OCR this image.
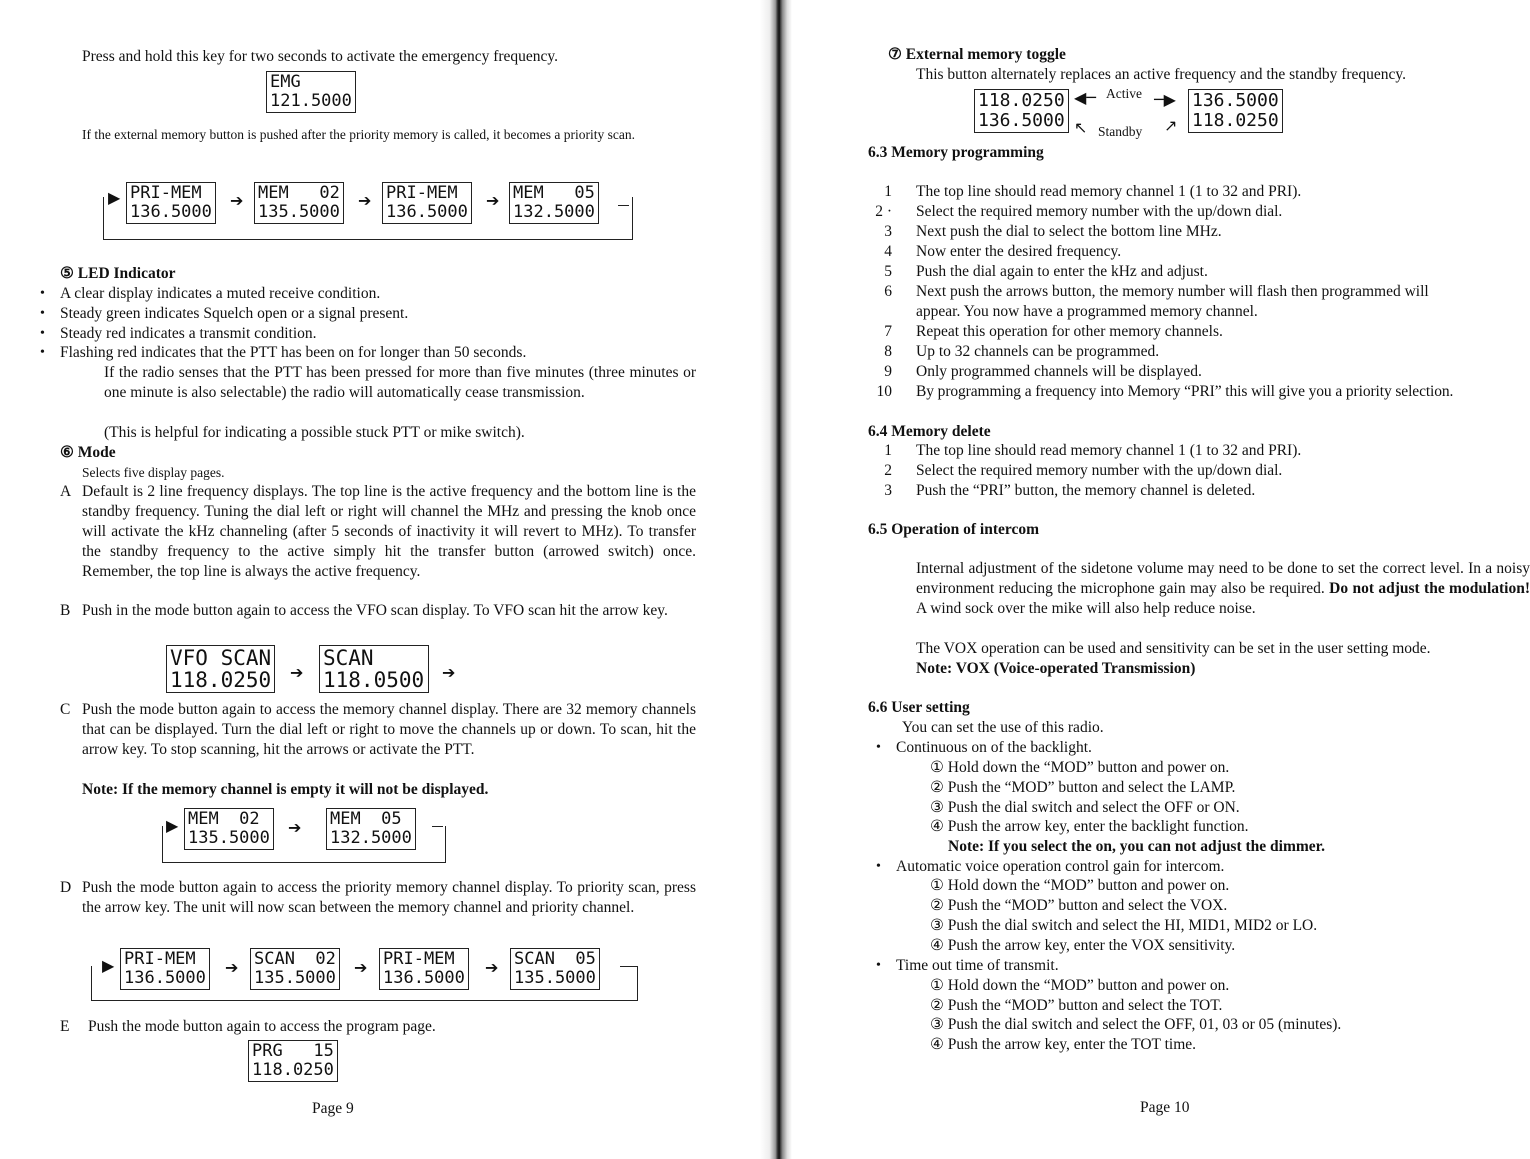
Press and hold this key for two seconds to activate the emergency frequency.
EMG
121.5000
If the external memory button is pushed after the priority memory is called, it becomes a priority scan.
PRI-MEM
136.5000
MEM   02
135.5000
PRI-MEM
136.5000
MEM   05
132.5000
▶	➔	➔	➔
⑤ LED Indicator
• A clear display indicates a muted receive condition.
• Steady green indicates Squelch open or a signal present.
• Steady red indicates a transmit condition.
• Flashing red indicates that the PTT has been on for longer than 50 seconds.
If the radio senses that the PTT has been pressed for more than five minutes (three minutes or one minute is also selectable) the radio will automatically cease transmission.
(This is helpful for indicating a possible stuck PTT or mike switch).
⑥ Mode
Selects five display pages.
A Default is 2 line frequency displays. The top line is the active frequency and the bottom line is the standby frequency. Tuning the dial left or right will channel the MHz and pressing the knob once will activate the kHz channeling (after 5 seconds of inactivity it will revert to MHz). To transfer the standby frequency to the active simply hit the transfer button (arrowed switch) once. Remember, the top line is always the active frequency.
B Push in the mode button again to access the VFO scan display. To VFO scan hit the arrow key.
VFO SCAN
118.0250 ➔
SCAN
118.0500 ➔
C Push the mode button again to access the memory channel display. There are 32 memory channels that can be displayed. Turn the dial left or right to move the channels up or down. To scan, hit the arrow key. To stop scanning, hit the arrows or activate the PTT.
Note: If the memory channel is empty it will not be displayed.
MEM  02
135.5000
➔ MEM  05
132.5000
▶
D Push the mode button again to access the priority memory channel display. To priority scan, press the arrow key. The unit will now scan between the memory channel and priority channel.
PRI-MEM
136.5000
SCAN  02
135.5000
PRI-MEM
136.5000
SCAN  05
135.5000
▶	➔	➔	➔
E Push the mode button again to access the program page.
PRG   15
118.0250
Page 9
⑦ External memory toggle
This button alternately replaces an active frequency and the standby frequency.
118.0250
136.5000
◀─ Active ─▶
↖ Standby ↗
136.5000
118.0250
6.3 Memory programming
1 The top line should read memory channel 1 (1 to 32 and PRI).
2 · Select the required memory number with the up/down dial.
3 Next push the dial to select the bottom line MHz.
4 Now enter the desired frequency.
5 Push the dial again to enter the kHz and adjust.
6 Next push the arrows button, the memory number will flash then programmed will
appear. You now have a programmed memory channel.
7 Repeat this operation for other memory channels.
8 Up to 32 channels can be programmed.
9 Only programmed channels will be displayed.
10 By programming a frequency into Memory “PRI” this will give you a priority selection.
6.4 Memory delete
1 The top line should read memory channel 1 (1 to 32 and PRI).
2 Select the required memory number with the up/down dial.
3 Push the “PRI” button, the memory channel is deleted.
6.5 Operation of intercom
Internal adjustment of the sidetone volume may need to be done to set the correct level. In a noisy environment reducing the microphone gain may also be required. Do not adjust the modulation! A wind sock over the mike will also help reduce noise.
The VOX operation can be used and sensitivity can be set in the user setting mode.
Note: VOX (Voice-operated Transmission)
6.6 User setting
You can set the use of this radio.
• Continuous on of the backlight.
① Hold down the “MOD” button and power on.
② Push the “MOD” button and select the LAMP.
③ Push the dial switch and select the OFF or ON.
④ Push the arrow key, enter the backlight function.
Note: If you select the on, you can not adjust the dimmer.
• Automatic voice operation control gain for intercom.
① Hold down the “MOD” button and power on.
② Push the “MOD” button and select the VOX.
③ Push the dial switch and select the HI, MID1, MID2 or LO.
④ Push the arrow key, enter the VOX sensitivity.
• Time out time of transmit.
① Hold down the “MOD” button and power on.
② Push the “MOD” button and select the TOT.
③ Push the dial switch and select the OFF, 01, 03 or 05 (minutes).
④ Push the arrow key, enter the TOT time.
Page 10
